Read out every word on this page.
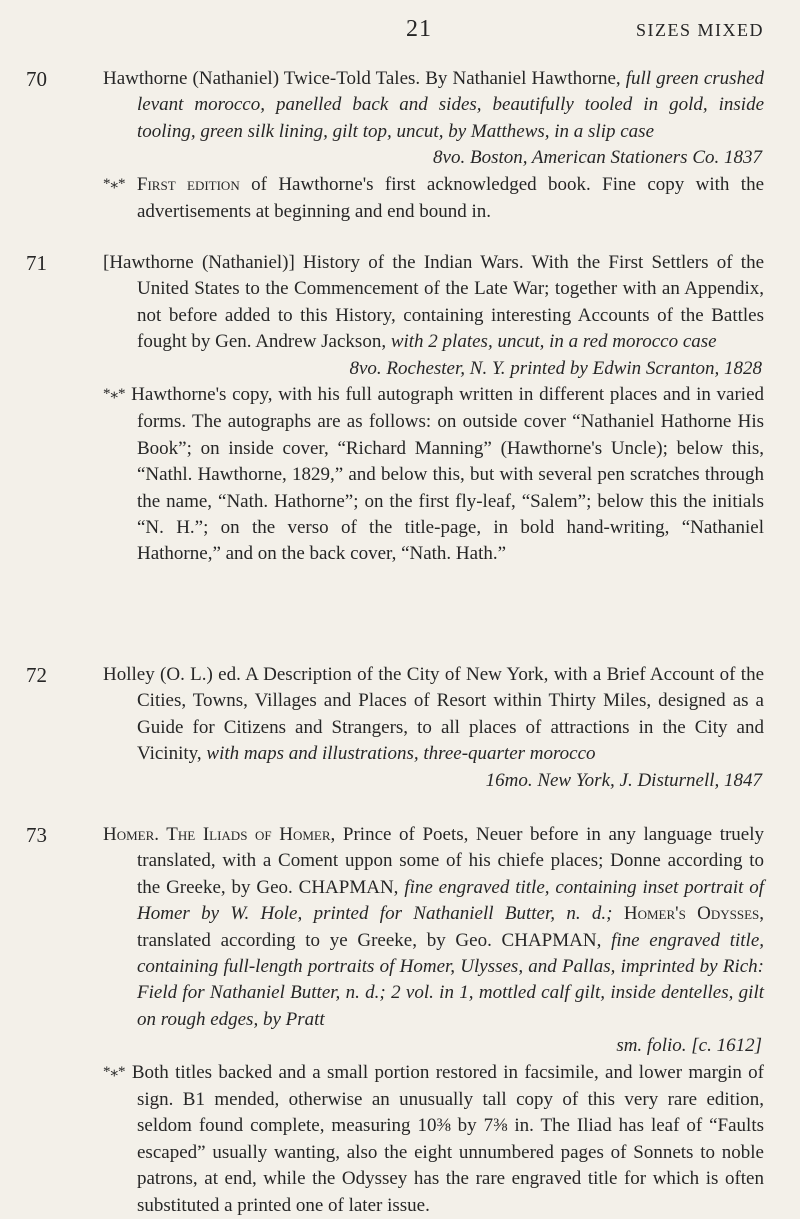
21	SIZES MIXED
70	Hawthorne (Nathaniel) Twice-Told Tales. By Nathaniel Hawthorne, full green crushed levant morocco, panelled back and sides, beautifully tooled in gold, inside tooling, green silk lining, gilt top, uncut, by Matthews, in a slip case

8vo. Boston, American Stationers Co. 1837
*⁎* First edition of Hawthorne's first acknowledged book. Fine copy with the advertisements at beginning and end bound in.
71	[Hawthorne (Nathaniel)] History of the Indian Wars. With the First Settlers of the United States to the Commencement of the Late War; together with an Appendix, not before added to this History, containing interesting Accounts of the Battles fought by Gen. Andrew Jackson, with 2 plates, uncut, in a red morocco case

8vo. Rochester, N. Y. printed by Edwin Scranton, 1828
*⁎* Hawthorne's copy, with his full autograph written in different places and in varied forms. The autographs are as follows: on outside cover “Nathaniel Hathorne His Book”; on inside cover, “Richard Manning” (Hawthorne's Uncle); below this, “Nathl. Hawthorne, 1829,” and below this, but with several pen scratches through the name, “Nath. Hathorne”; on the first fly-leaf, “Salem”; below this the initials “N. H.”; on the verso of the title-page, in bold hand-writing, “Nathaniel Hathorne,” and on the back cover, “Nath. Hath.”
72	Holley (O. L.) ed. A Description of the City of New York, with a Brief Account of the Cities, Towns, Villages and Places of Resort within Thirty Miles, designed as a Guide for Citizens and Strangers, to all places of attractions in the City and Vicinity, with maps and illustrations, three-quarter morocco

16mo. New York, J. Disturnell, 1847
73	Homer. The Iliads of Homer, Prince of Poets, Neuer before in any language truely translated, with a Coment uppon some of his chiefe places; Donne according to the Greeke, by Geo. CHAPMAN, fine engraved title, containing inset portrait of Homer by W. Hole, printed for Nathaniell Butter, n. d.; Homer's Odysses, translated according to ye Greeke, by Geo. CHAPMAN, fine engraved title, containing full-length portraits of Homer, Ulysses, and Pallas, imprinted by Rich: Field for Nathaniel Butter, n. d.; 2 vol. in 1, mottled calf gilt, inside dentelles, gilt on rough edges, by Pratt

sm. folio. [c. 1612]
*⁎* Both titles backed and a small portion restored in facsimile, and lower margin of sign. B1 mended, otherwise an unusually tall copy of this very rare edition, seldom found complete, measuring 10⅜ by 7⅜ in. The Iliad has leaf of “Faults escaped” usually wanting, also the eight unnumbered pages of Sonnets to noble patrons, at end, while the Odyssey has the rare engraved title for which is often substituted a printed one of later issue.
